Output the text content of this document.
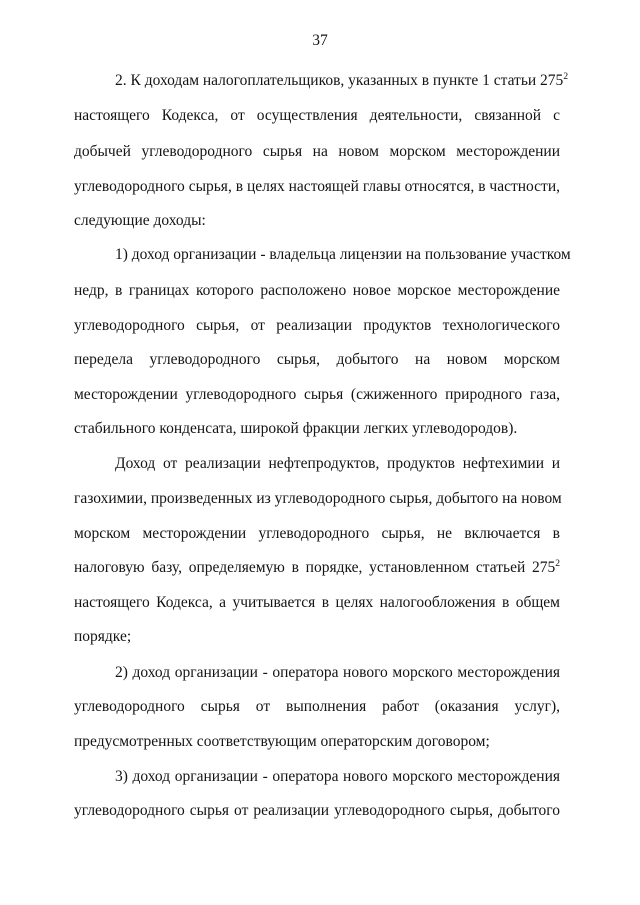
37
2. К доходам налогоплательщиков, указанных в пункте 1 статьи $275^2$
настоящего Кодекса, от осуществления деятельности, связанной с
добычей углеводородного сырья на новом морском месторождении
углеводородного сырья, в целях настоящей главы относятся, в частности,
следующие доходы:
1) доход организации - владельца лицензии на пользование участком
недр, в границах которого расположено новое морское месторождение
углеводородного сырья, от реализации продуктов технологического
передела углеводородного сырья, добытого на новом морском
месторождении углеводородного сырья (сжиженного природного газа,
стабильного конденсата, широкой фракции легких углеводородов).
Доход от реализации нефтепродуктов, продуктов нефтехимии и
газохимии, произведенных из углеводородного сырья, добытого на новом
морском месторождении углеводородного сырья, не включается в
налоговую базу, определяемую в порядке, установленном статьей $275^2$
настоящего Кодекса, а учитывается в целях налогообложения в общем
порядке;
2) доход организации - оператора нового морского месторождения
углеводородного сырья от выполнения работ (оказания услуг),
предусмотренных соответствующим операторским договором;
3) доход организации - оператора нового морского месторождения
углеводородного сырья от реализации углеводородного сырья, добытого
